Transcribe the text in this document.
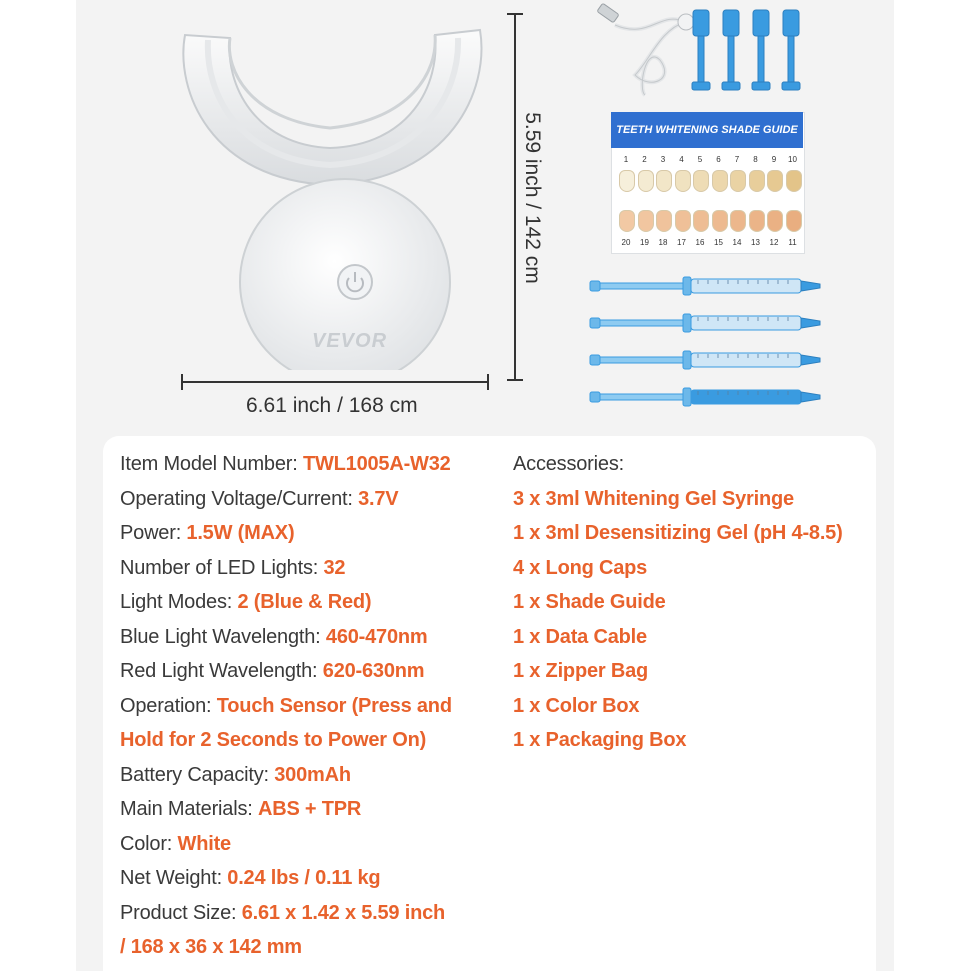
VEVOR
6.61 inch / 168 cm
5.59 inch / 142 cm	TEETH WHITENING SHADE GUIDE
1	2	3	4	5	6	7	8	9	10
20	19	18	17	16	15	14	13	12	11
Item Model Number: TWL1005A-W32
Operating Voltage/Current: 3.7V
Power: 1.5W (MAX)
Number of LED Lights: 32
Light Modes: 2 (Blue & Red)
Blue Light Wavelength: 460-470nm
Red Light Wavelength: 620-630nm
Operation: Touch Sensor (Press and
Hold for 2 Seconds to Power On)
Battery Capacity: 300mAh
Main Materials: ABS + TPR
Color: White
Net Weight: 0.24 lbs / 0.11 kg
Product Size: 6.61 x 1.42 x 5.59 inch
/ 168 x 36 x 142 mm
Accessories:
3 x 3ml Whitening Gel Syringe
1 x 3ml Desensitizing Gel (pH 4-8.5)
4 x Long Caps
1 x Shade Guide
1 x Data Cable
1 x Zipper Bag
1 x Color Box
1 x Packaging Box
